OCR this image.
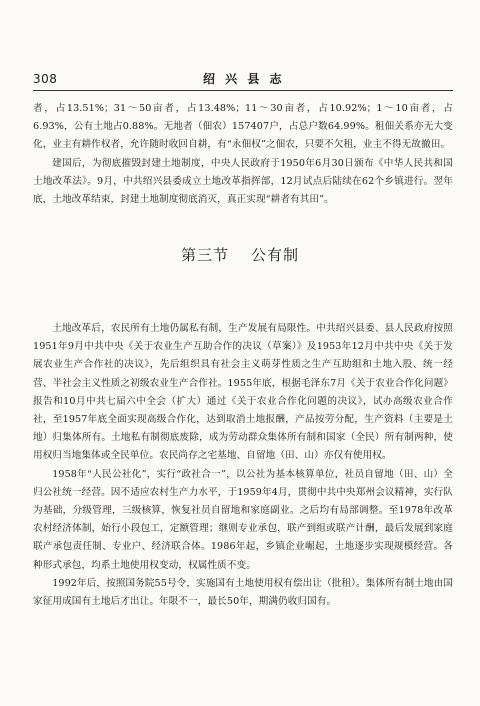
308	绍 兴 县 志

者，占13.51%；31～50亩者，占13.48%；11～30亩者，占10.92%；1～10亩者，占6.93%，公有土地占0.88%。无地者（佃农）157407户，占总户数64.99%。租佃关系亦无大变化，业主有耕作权者，允许随时收回自耕，有“永佃权”之佃农，只要不欠租，业主不得无故撤田。

建国后，为彻底摧毁封建土地制度，中央人民政府于1950年6月30日颁布《中华人民共和国土地改革法》。9月，中共绍兴县委成立土地改革指挥部，12月试点后陆续在62个乡镇进行。翌年底，土地改革结束，封建土地制度彻底消灭，真正实现“耕者有其田”。

第三节 公有制

土地改革后，农民所有土地仍属私有制，生产发展有局限性。中共绍兴县委、县人民政府按照1951年9月中共中央《关于农业生产互助合作的决议（草案）》及1953年12月中共中央《关于发展农业生产合作社的决议》，先后组织具有社会主义萌芽性质之生产互助组和土地入股、统一经营、半社会主义性质之初级农业生产合作社。1955年底，根据毛泽东7月《关于农业合作化问题》报告和10月中共七届六中全会（扩大）通过《关于农业合作化问题的决议》，试办高级农业合作社，至1957年底全面实现高级合作化，达到取消土地报酬，产品按劳分配，生产资料（主要是土地）归集体所有。土地私有制彻底废除，成为劳动群众集体所有制和国家（全民）所有制两种，使用权归当地集体或全民单位。农民尚存之宅基地、自留地（田、山）亦仅有使用权。

1958年“人民公社化”，实行“政社合一”，以公社为基本核算单位，社员自留地（田、山）全归公社统一经营。因不适应农村生产力水平，于1959年4月，贯彻中共中央郑州会议精神，实行队为基础，分级管理，三级核算，恢复社员自留地和家庭副业。之后均有局部调整。至1978年改革农村经济体制，始行小段包工，定额管理；继则专业承包，联产到组或联产计酬，最后发展到家庭联产承包责任制、专业户、经济联合体。1986年起，乡镇企业崛起，土地逐步实现规模经营。各种形式承包，均系土地使用权变动，权属性质不变。

1992年后，按照国务院55号令，实施国有土地使用权有偿出让（批租）。集体所有制土地由国家征用成国有土地后才出让。年限不一，最长50年，期满仍收归国有。
